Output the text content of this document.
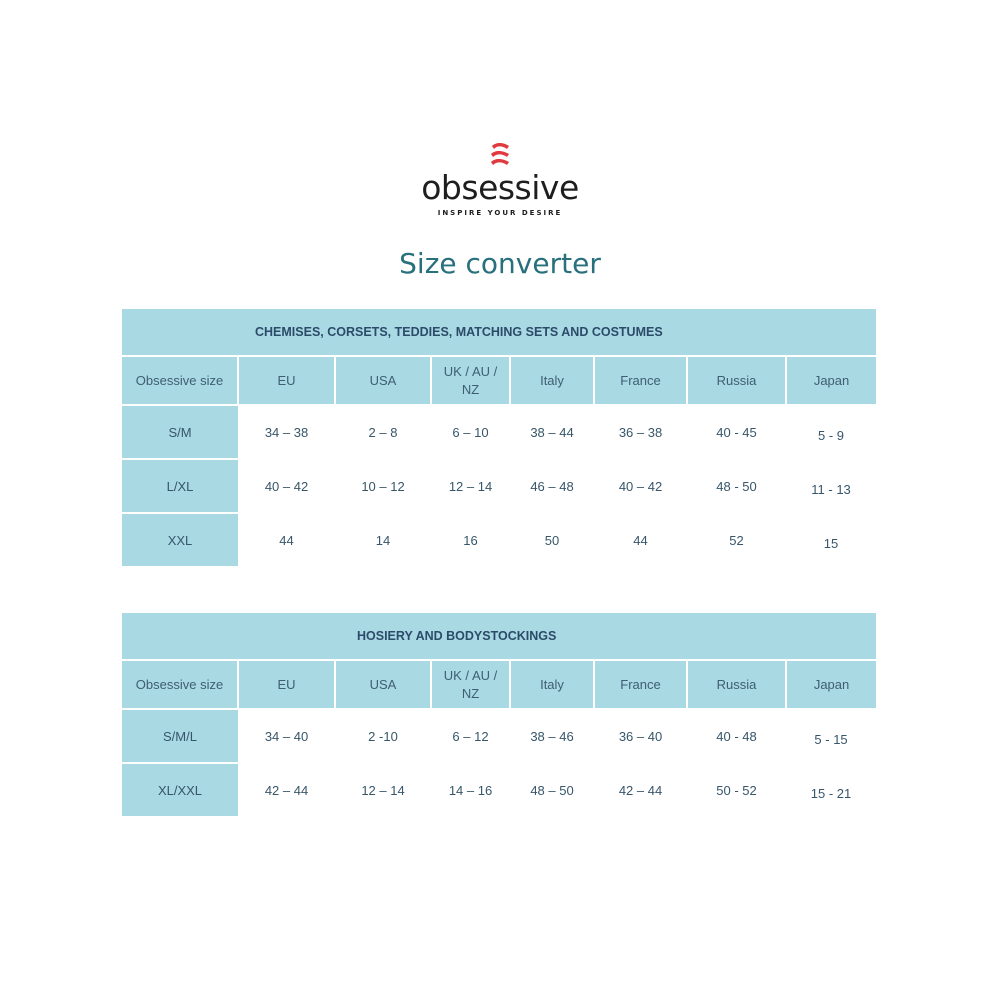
obsessive
INSPIRE YOUR DESIRE
Size converter
CHEMISES, CORSETS, TEDDIES, MATCHING SETS AND COSTUMES							
Obsessive size	EU	USA	UK / AU / NZ	Italy	France	Russia	Japan
S/M	34 – 38	2 – 8	6 – 10	38 – 44	36 – 38	40 - 45	5 - 9
L/XL	40 – 42	10 – 12	12 – 14	46 – 48	40 – 42	48 - 50	11 - 13
XXL	44	14	16	50	44	52	15
HOSIERY AND BODYSTOCKINGS							
Obsessive size	EU	USA	UK / AU / NZ	Italy	France	Russia	Japan
S/M/L	34 – 40	2 -10	6 – 12	38 – 46	36 – 40	40 - 48	5 - 15
XL/XXL	42 – 44	12 – 14	14 – 16	48 – 50	42 – 44	50 - 52	15 - 21
